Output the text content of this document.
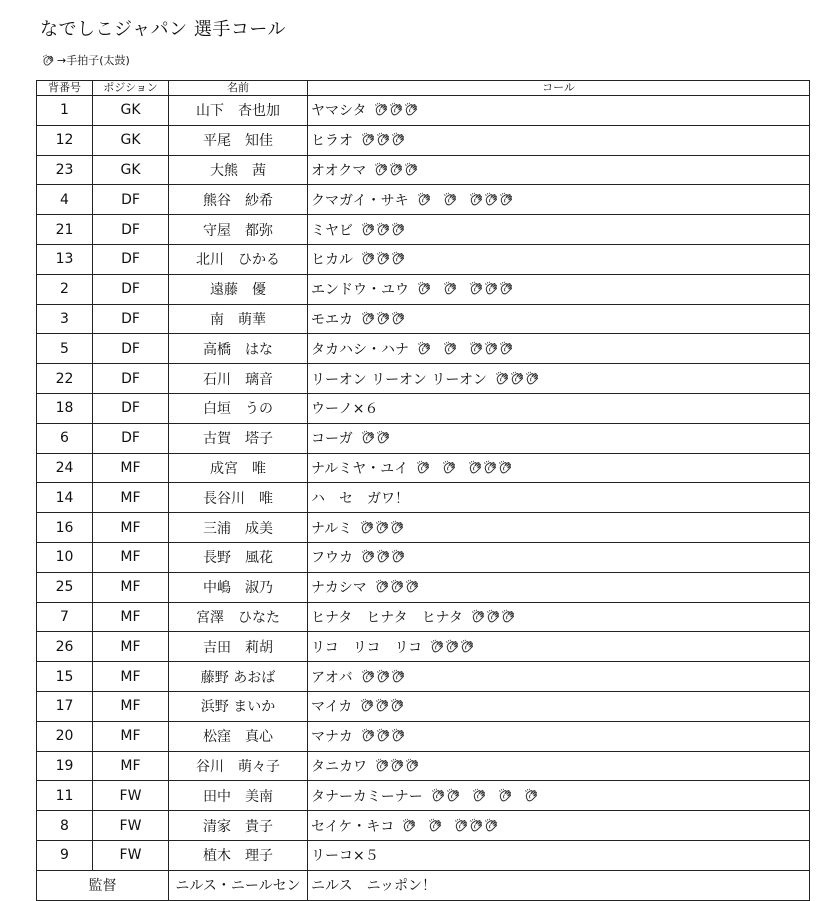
なでしこジャパン 選手コール
→手拍子(太鼓)
背番号	ポジション	名前	コール
1	GK	山下　杏也加	ヤマシタ
12	GK	平尾　知佳	ヒラオ
23	GK	大熊　茜	オオクマ
4	DF	熊谷　紗希	クマガイ・サキ
21	DF	守屋　都弥	ミヤビ
13	DF	北川　ひかる	ヒカル
2	DF	遠藤　優	エンドウ・ユウ
3	DF	南　萌華	モエカ
5	DF	高橋　はな	タカハシ・ハナ
22	DF	石川　璃音	リーオン リーオン リーオン
18	DF	白垣　うの	ウーノ×６
6	DF	古賀　塔子	コーガ
24	MF	成宮　唯	ナルミヤ・ユイ
14	MF	長谷川　唯	ハ　セ　ガワ！
16	MF	三浦　成美	ナルミ
10	MF	長野　風花	フウカ
25	MF	中嶋　淑乃	ナカシマ
7	MF	宮澤　ひなた	ヒナタ　ヒナタ　ヒナタ
26	MF	吉田　莉胡	リコ　リコ　リコ
15	MF	藤野 あおば	アオバ
17	MF	浜野 まいか	マイカ
20	MF	松窪　真心	マナカ
19	MF	谷川　萌々子	タニカワ
11	FW	田中　美南	タナーカミーナー
8	FW	清家　貴子	セイケ・キコ
9	FW	植木　理子	リーコ×５
監督		ニルス・ニールセン	ニルス　ニッポン！
